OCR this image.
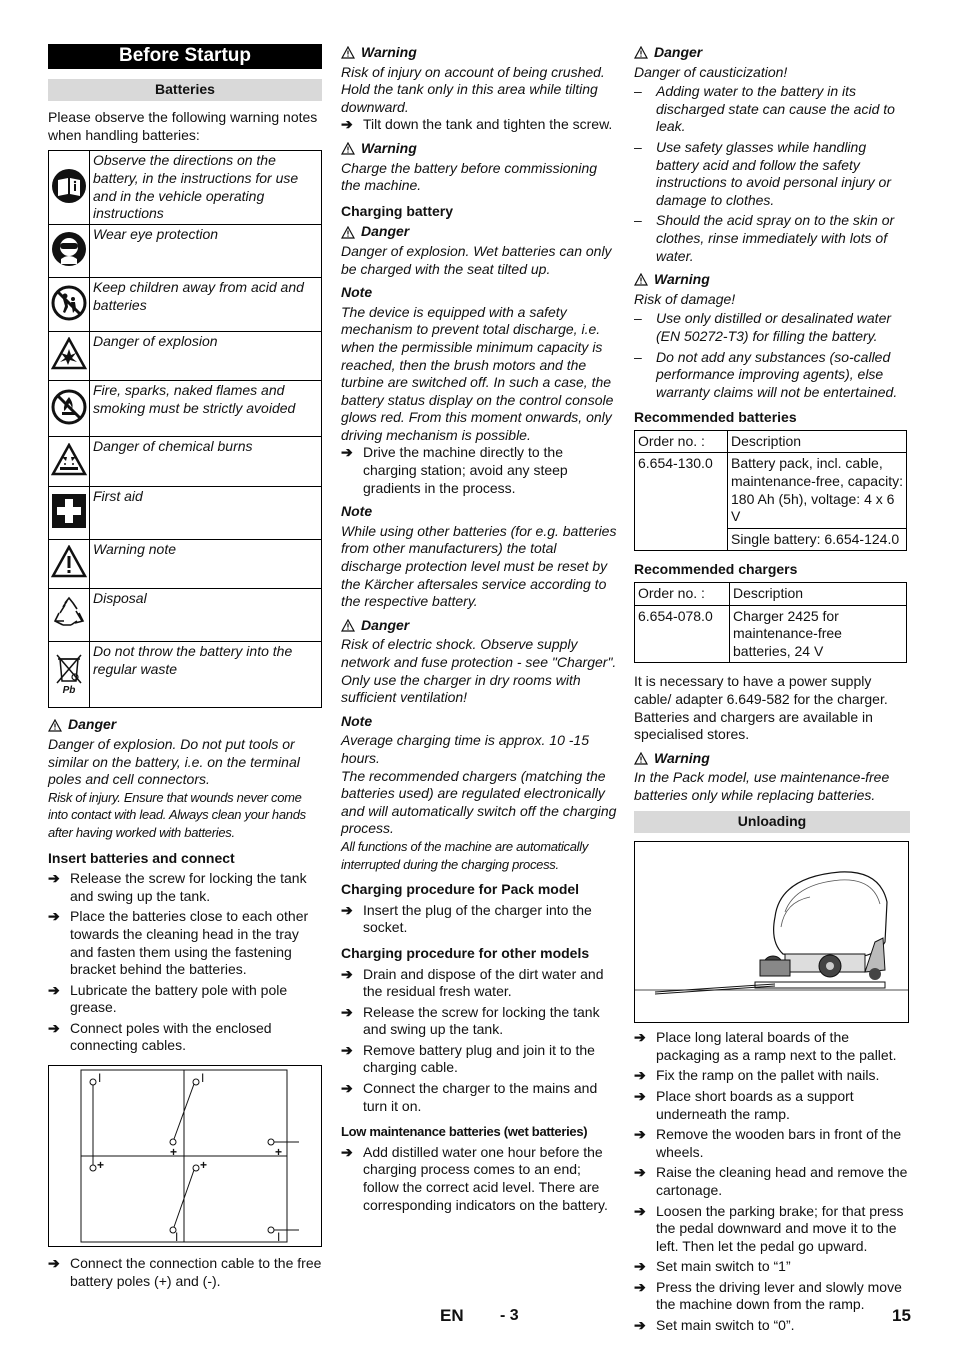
Before Startup
Batteries

Please observe the following warning notes when handling batteries:

	Observe the directions on the battery, in the instructions for use and in the vehicle operating instructions
	Wear eye protection
	Keep children away from acid and batteries
	Danger of explosion
	Fire, sparks, naked flames and smoking must be strictly avoided
	Danger of chemical burns
	First aid
	Warning note
	Disposal

Pb	Do not throw the battery into the regular waste
Danger

Danger of explosion. Do not put tools or similar on the battery, i.e. on the terminal poles and cell connectors.

Risk of injury. Ensure that wounds never come into contact with lead. Always clean your hands after having worked with batteries.

Insert batteries and connect
➔ Release the screw for locking the tank and swing up the tank.
➔ Place the batteries close to each other towards the cleaning head in the tray and fasten them using the fastening bracket behind the batteries.
➔ Lubricate the battery pole with pole grease.
➔ Connect poles with the enclosed connecting cables.
I	I
+	+
+	+
I	I
➔ Connect the connection cable to the free battery poles (+) and (-).
Warning

Risk of injury on account of being crushed. Hold the tank only in this area while tilting downward.

➔ Tilt down the tank and tighten the screw.
Warning

Charge the battery before commissioning the machine.

Charging battery
Danger

Danger of explosion. Wet batteries can only be charged with the seat tilted up.

Note

The device is equipped with a safety mechanism to prevent total discharge, i.e. when the permissible minimum capacity is reached, then the brush motors and the turbine are switched off. In such a case, the battery status display on the control console glows red. From this moment onwards, only driving mechanism is possible.

➔ Drive the machine directly to the charging station; avoid any steep gradients in the process.
Note

While using other batteries (for e.g. batteries from other manufacturers) the total discharge protection level must be reset by the Kärcher aftersales service according to the respective battery.

Danger

Risk of electric shock. Observe supply network and fuse protection - see "Charger". Only use the charger in dry rooms with sufficient ventilation!

Note

Average charging time is approx. 10 -15 hours.
The recommended chargers (matching the batteries used) are regulated electronically and will automatically switch off the charging process.

All functions of the machine are automatically interrupted during the charging process.

Charging procedure for Pack model
➔ Insert the plug of the charger into the socket.
Charging procedure for other models
➔ Drain and dispose of the dirt water and the residual fresh water.
➔ Release the screw for locking the tank and swing up the tank.
➔ Remove battery plug and join it to the charging cable.
➔ Connect the charger to the mains and turn it on.
Low maintenance batteries (wet batteries)
➔ Add distilled water one hour before the charging process comes to an end; follow the correct acid level. There are corresponding indicators on the battery.
Danger

Danger of causticization!

–	Adding water to the battery in its discharged state can cause the acid to leak.
–	Use safety glasses while handling battery acid and follow the safety instructions to avoid personal injury or damage to clothes.
–	Should the acid spray on to the skin or clothes, rinse immediately with lots of water.
Warning

Risk of damage!

–	Use only distilled or desalinated water (EN 50272-T3) for filling the battery.
–	Do not add any substances (so-called performance improving agents), else warranty claims will not be entertained.
Recommended batteries
Order no. :	Description
6.654-130.0	Battery pack, incl. cable, maintenance-free, capacity: 180 Ah (5h), voltage: 4 x 6 V
	Single battery: 6.654-124.0
Recommended chargers
Order no. :	Description
6.654-078.0	Charger 2425 for maintenance-free batteries, 24 V

It is necessary to have a power supply cable/ adapter 6.649-582 for the charger. Batteries and chargers are available in specialised stores.

Warning

In the Pack model, use maintenance-free batteries only while replacing batteries.

Unloading
➔ Place long lateral boards of the packaging as a ramp next to the pallet.
➔ Fix the ramp on the pallet with nails.
➔ Place short boards as a support underneath the ramp.
➔ Remove the wooden bars in front of the wheels.
➔ Raise the cleaning head and remove the cartonage.
➔ Loosen the parking brake; for that press the pedal downward and move it to the left. Then let the pedal go upward.
➔ Set main switch to “1”
➔ Press the driving lever and slowly move the machine down from the ramp.
➔ Set main switch to “0”.
EN - 3	15
